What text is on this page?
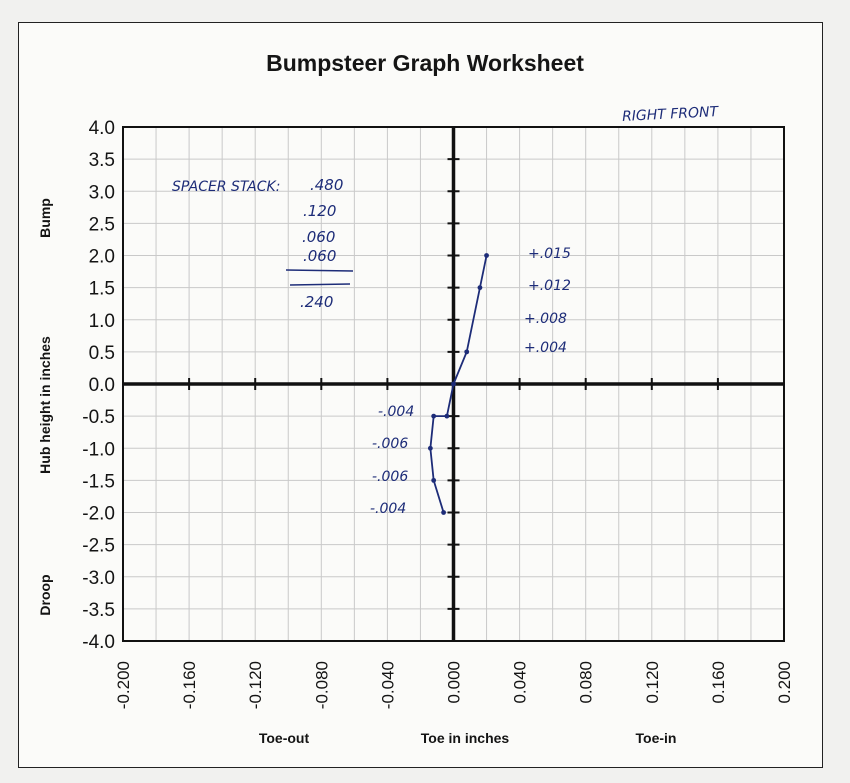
Bumpsteer Graph Worksheet
4.0
3.5
3.0
2.5
2.0
1.5
1.0
0.5
0.0
-0.5
-1.0
-1.5
-2.0
-2.5
-3.0
-3.5
-4.0
-0.200	-0.160	-0.120	-0.080	-0.040	0.000	0.040	0.080	0.120	0.160	0.200
Bump
Hub height in inches
Droop
Toe-out	Toe in inches	Toe-in
RIGHT FRONT
SPACER STACK: .480
.120
.060
.060
.240
+.015
+.012
+.008
+.004
-.004
-.006
-.006
-.004
